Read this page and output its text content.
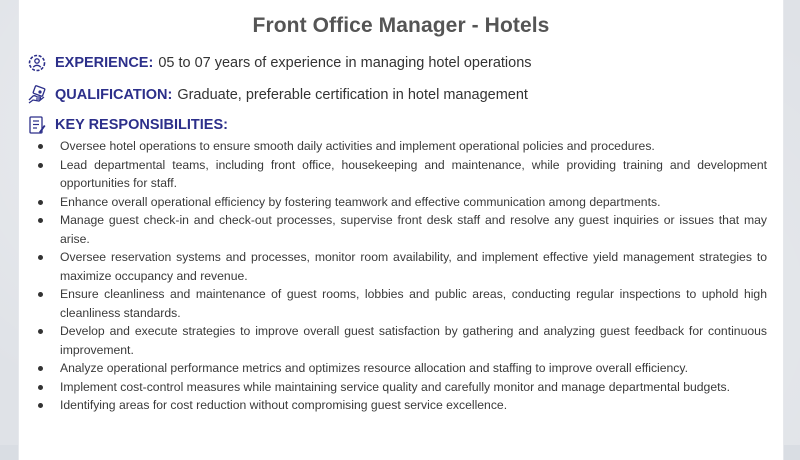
Front Office Manager - Hotels
EXPERIENCE: 05 to 07 years of experience in managing hotel operations
QUALIFICATION: Graduate, preferable certification in hotel management
KEY RESPONSIBILITIES:
Oversee hotel operations to ensure smooth daily activities and implement operational policies and procedures.
Lead departmental teams, including front office, housekeeping and maintenance, while providing training and development opportunities for staff.
Enhance overall operational efficiency by fostering teamwork and effective communication among departments.
Manage guest check-in and check-out processes, supervise front desk staff and resolve any guest inquiries or issues that may arise.
Oversee reservation systems and processes, monitor room availability, and implement effective yield management strategies to maximize occupancy and revenue.
Ensure cleanliness and maintenance of guest rooms, lobbies and public areas, conducting regular inspections to uphold high cleanliness standards.
Develop and execute strategies to improve overall guest satisfaction by gathering and analyzing guest feedback for continuous improvement.
Analyze operational performance metrics and optimizes resource allocation and staffing to improve overall efficiency.
Implement cost-control measures while maintaining service quality and carefully monitor and manage departmental budgets.
Identifying areas for cost reduction without compromising guest service excellence.
